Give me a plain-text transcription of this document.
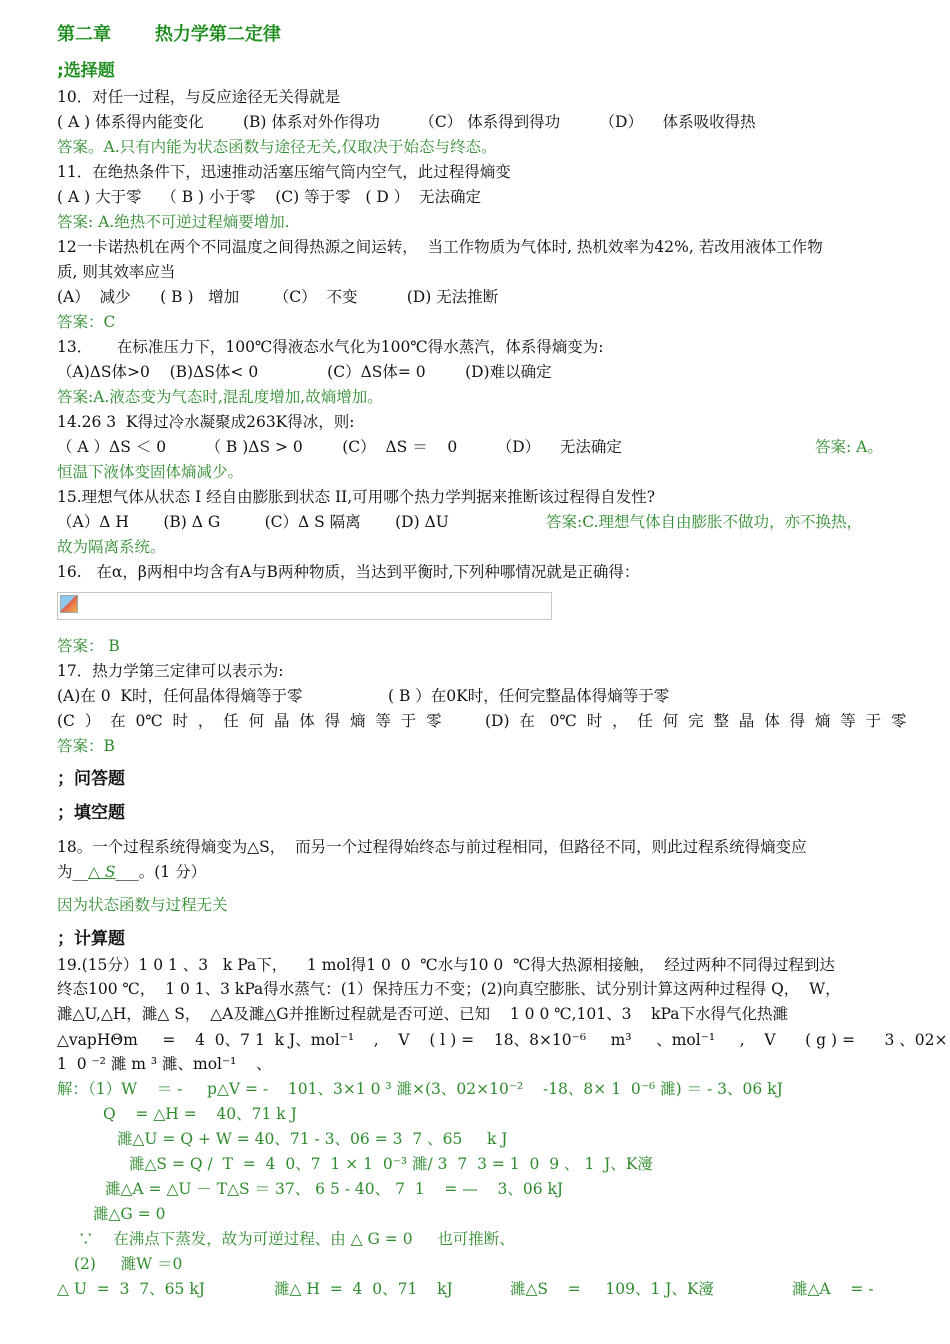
第二章 热力学第二定律
;选择题
10．对任一过程，与反应途径无关得就是
( A ) 体系得内能变化        (B) 体系对外作得功        （C） 体系得到得功        （D）    体系吸收得热
答案。A.只有内能为状态函数与途径无关,仅取决于始态与终态。
11．在绝热条件下，迅速推动活塞压缩气筒内空气，此过程得熵变
( A ) 大于零    （ B ) 小于零    (C) 等于零   ( D ）  无法确定
答案: A.绝热不可逆过程熵要增加.
12一卡诺热机在两个不同温度之间得热源之间运转，  当工作物质为气体时, 热机效率为42%, 若改用液体工作物
质, 则其效率应当
(A）  减少      ( B )   增加       （C）  不变          (D) 无法推断
答案：C
13．     在标准压力下，100℃得液态水气化为100℃得水蒸汽，体系得熵变为:
（A)ΔS体>0    (B)ΔS体< 0              (C）ΔS体= 0        (D)难以确定
答案:A.液态变为气态时,混乱度增加,故熵增加。
14.26 3  K得过冷水凝聚成263K得冰，则:
（ A ）ΔS ＜ 0        （ B )ΔS > 0        (C）  ΔS ＝    0        （D）    无法确定	答案: A。
恒温下液体变固体熵减少。
15.理想气体从状态 I 经自由膨胀到状态 II,可用哪个热力学判据来推断该过程得自发性?
（A）Δ H       (B) Δ G         (C）Δ S 隔离       (D) ΔU	答案:C.理想气体自由膨胀不做功，亦不换热，
故为隔离系统。
16.   在α，β两相中均含有A与B两种物质，当达到平衡时,下列种哪情况就是正确得：
答案： B
17．热力学第三定律可以表示为:
(A)在 0  K时，任何晶体得熵等于零	( B ）在0K时，任何完整晶体得熵等于零
(C  ）  在  0℃  时  ，  任  何  晶  体  得  熵  等  于  零	(D)  在   0℃  时  ，  任  何  完  整  晶  体  得  熵  等  于  零
答案：B
；问答题
；填空题
18。一个过程系统得熵变为△S，  而另一个过程得始终态与前过程相同，但路径不同，则此过程系统得熵变应
为__△ S___。(1 分）
因为状态函数与过程无关
；计算题
19.(15分）1 0 1 、3   k Pa下，    1 mol得1 0  0  ℃水与10 0  ℃得大热源相接触，  经过两种不同得过程到达
终态100 ℃，  1 0 1、3 kPa得水蒸气：(1）保持压力不变；(2)向真空膨胀、试分别计算这两种过程得 Q，  W，
濉△U,△H，濉△ S，  △A及濉△G并推断过程就是否可逆、已知    1 0 0 ℃,101、3    kPa下水得气化热濉
△vapHΘm     =    4  0、7 1  k J、mol⁻¹    ,    V    ( l ) =    18、8×10⁻⁶     m³     、mol⁻¹     ,    V      ( g ) =      3 、02×
1  0 ⁻² 濉 m ³ 濉、mol⁻¹    、
解：（1）W    ＝ -     p△V = -    101、3×1 0 ³ 濉×(3、02×10⁻²    -18、8× 1  0⁻⁶ 濉) ＝ - 3、06 kJ
Q    = △H =    40、71 k J
濉△U = Q + W = 40、71 - 3、06 = 3  7 、65     k J
濉△S = Q /  T  =  4  0、7  1 × 1  0⁻³ 濉/ 3  7  3 = 1  0  9 、 1  J、K濅
濉△A = △U － T△S ＝ 37、 6 5 - 40、 7  1    = —    3、06 kJ
濉△G = 0
∵    在沸点下蒸发，故为可逆过程、由 △ G = 0     也可推断、
(2)     濉W ＝0
△ U  =  3  7、65 kJ	濉△ H  =  4  0、71    kJ	濉△S    =     109、1 J、K濅	濉△A    = -
